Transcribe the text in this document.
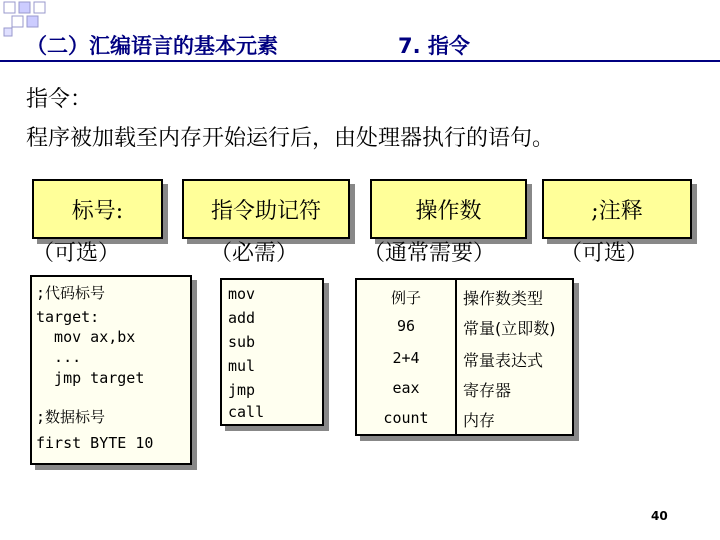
（二）汇编语言的基本元素	7. 指令
指令：
程序被加载至内存开始运行后，由处理器执行的语句。
标号:	指令助记符	操作数	;注释
（可选）	（必需）	（通常需要）	（可选）
;代码标号
target:
mov ax,bx
...
jmp target
;数据标号
first BYTE 10
mov
add
sub
mul
jmp
call
例子	操作数类型
96	常量(立即数)
2+4	常量表达式
eax	寄存器
count	内存
40
